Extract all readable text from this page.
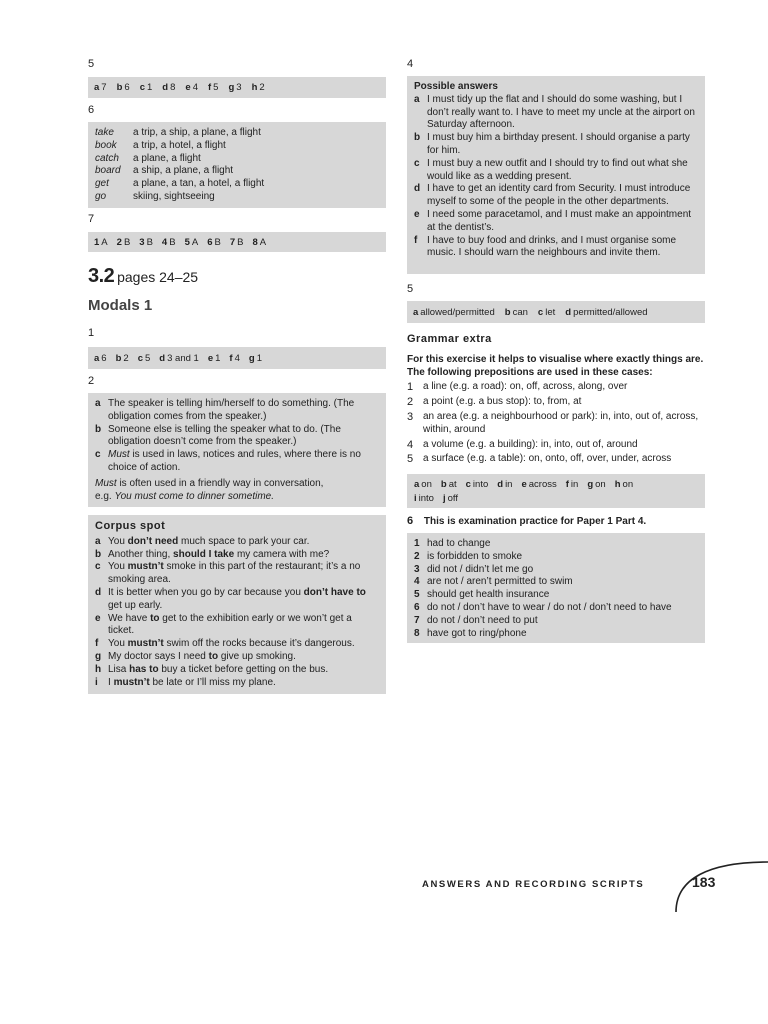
5
a 7 b 6 c 1 d 8 e 4 f 5 g 3 h 2
6
take	a trip, a ship, a plane, a flight
book	a trip, a hotel, a flight
catch	a plane, a flight
board	a ship, a plane, a flight
get	a plane, a tan, a hotel, a flight
go	skiing, sightseeing
7
1 A 2 B 3 B 4 B 5 A 6 B 7 B 8 A
3.2 pages 24–25
Modals 1
1
a 6 b 2 c 5 d 3 and 1 e 1 f 4 g 1
2
a The speaker is telling him/herself to do something. (The obligation comes from the speaker.)
b Someone else is telling the speaker what to do. (The obligation doesn’t come from the speaker.)
c Must is used in laws, notices and rules, where there is no choice of action.
Must is often used in a friendly way in conversation,
e.g. You must come to dinner sometime.
Corpus spot
a You don’t need much space to park your car.
b Another thing, should I take my camera with me?
c You mustn’t smoke in this part of the restaurant; it’s a no smoking area.
d It is better when you go by car because you don’t have to get up early.
e We have to get to the exhibition early or we won’t get a ticket.
f You mustn’t swim off the rocks because it’s dangerous.
g My doctor says I need to give up smoking.
h Lisa has to buy a ticket before getting on the bus.
i	I mustn’t be late or I’ll miss my plane.
4
Possible answers
a I must tidy up the flat and I should do some washing, but I don’t really want to. I have to meet my uncle at the airport on Saturday afternoon.
b I must buy him a birthday present. I should organise a party for him.
c I must buy a new outfit and I should try to find out what she would like as a wedding present.
d I have to get an identity card from Security. I must introduce myself to some of the people in the other departments.
e I need some paracetamol, and I must make an appointment at the dentist’s.
f I have to buy food and drinks, and I must organise some music. I should warn the neighbours and invite them.
5
a allowed/permitted b can c let d permitted/allowed
Grammar extra
For this exercise it helps to visualise where exactly things are.
The following prepositions are used in these cases:
1 a line (e.g. a road): on, off, across, along, over
2 a point (e.g. a bus stop): to, from, at
3 an area (e.g. a neighbourhood or park): in, into, out of, across, within, around
4 a volume (e.g. a building): in, into, out of, around
5 a surface (e.g. a table): on, onto, off, over, under, across
a on b at c into d in e across f in g on h on
i into j off
6 This is examination practice for Paper 1 Part 4.
1 had to change
2 is forbidden to smoke
3 did not / didn’t let me go
4 are not / aren’t permitted to swim
5 should get health insurance
6 do not / don’t have to wear / do not / don’t need to have
7 do not / don’t need to put
8 have got to ring/phone
ANSWERS AND RECORDING SCRIPTS	183
